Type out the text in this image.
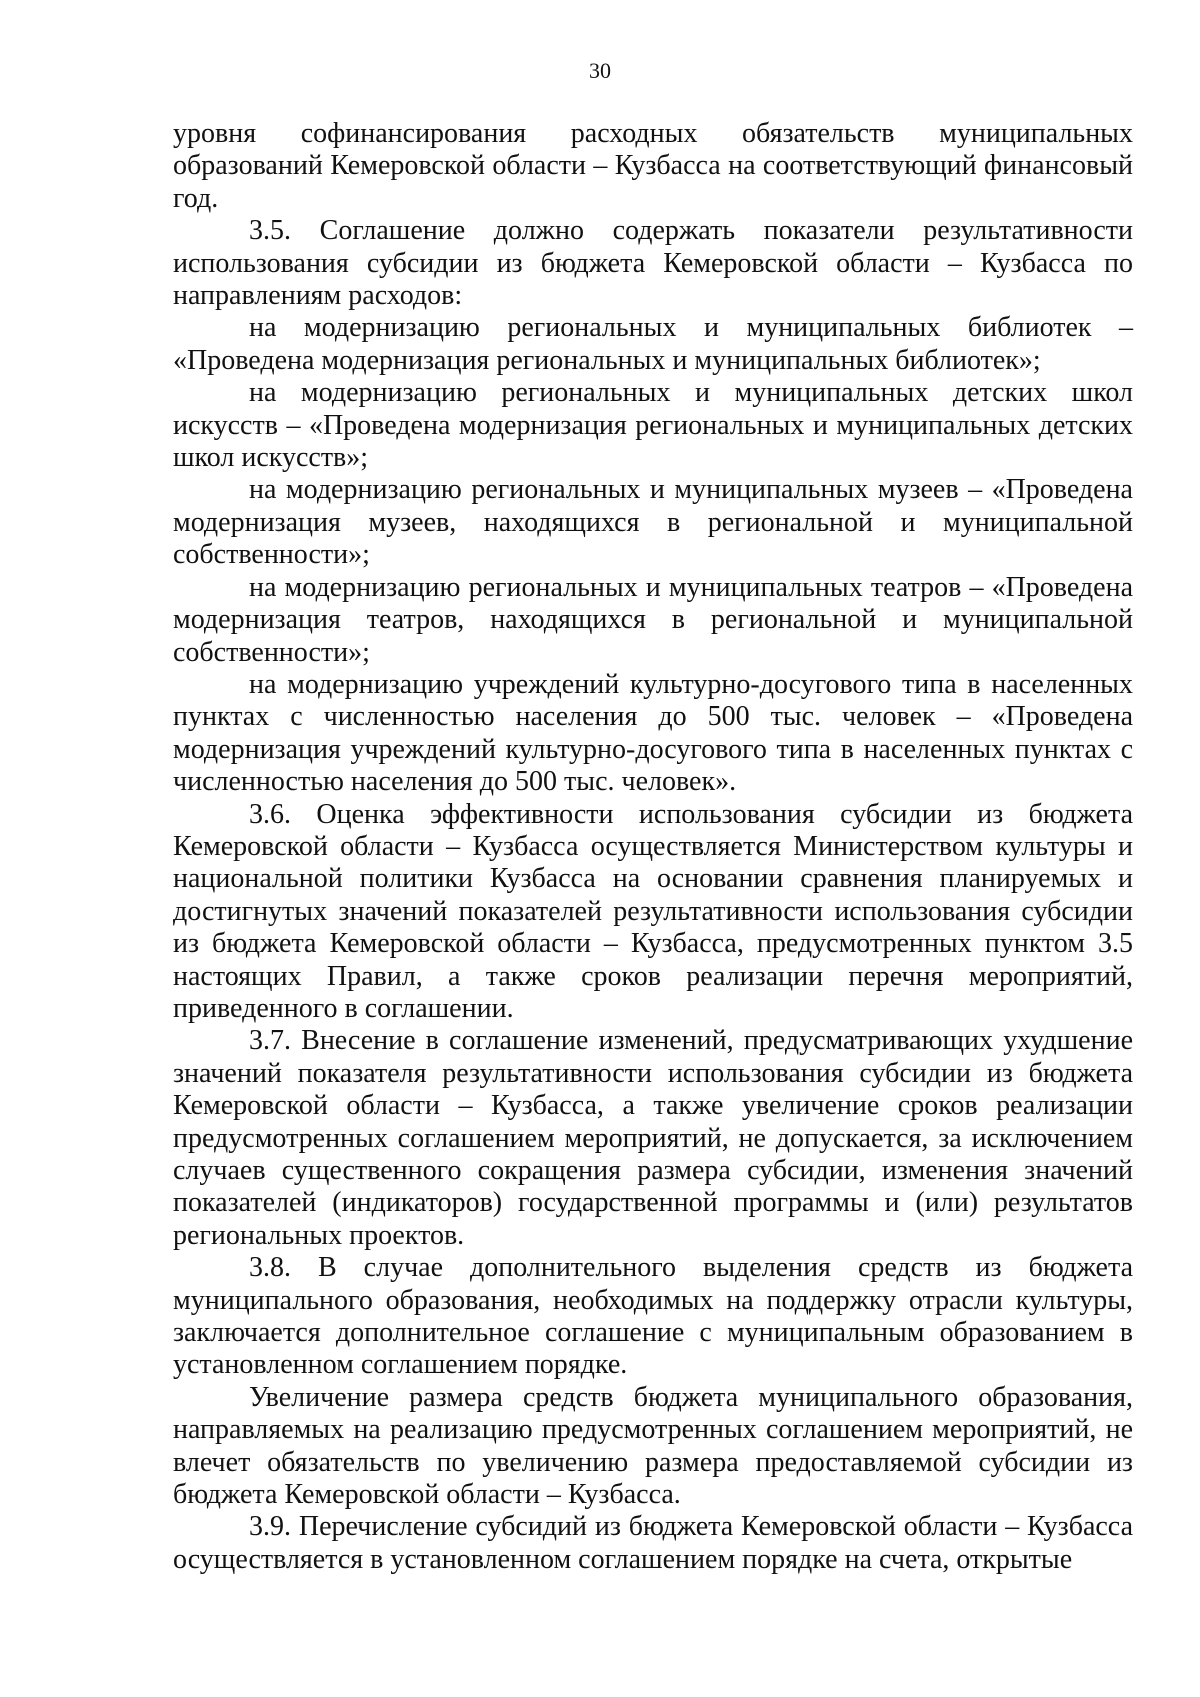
30

уровня софинансирования расходных обязательств муниципальных образований Кемеровской области – Кузбасса на соответствующий финансовый год.

3.5. Соглашение должно содержать показатели результативности использования субсидии из бюджета Кемеровской области – Кузбасса по направлениям расходов:

на модернизацию региональных и муниципальных библиотек – «Проведена модернизация региональных и муниципальных библиотек»;

на модернизацию региональных и муниципальных детских школ искусств – «Проведена модернизация региональных и муниципальных детских школ искусств»;

на модернизацию региональных и муниципальных музеев – «Проведена модернизация музеев, находящихся в региональной и муниципальной собственности»;

на модернизацию региональных и муниципальных театров – «Проведена модернизация театров, находящихся в региональной и муниципальной собственности»;

на модернизацию учреждений культурно-досугового типа в населенных пунктах с численностью населения до 500 тыс. человек – «Проведена модернизация учреждений культурно-досугового типа в населенных пунктах с численностью населения до 500 тыс. человек».

3.6. Оценка эффективности использования субсидии из бюджета Кемеровской области – Кузбасса осуществляется Министерством культуры и национальной политики Кузбасса на основании сравнения планируемых и достигнутых значений показателей результативности использования субсидии из бюджета Кемеровской области – Кузбасса, предусмотренных пунктом 3.5 настоящих Правил, а также сроков реализации перечня мероприятий, приведенного в соглашении.

3.7. Внесение в соглашение изменений, предусматривающих ухудшение значений показателя результативности использования субсидии из бюджета Кемеровской области – Кузбасса, а также увеличение сроков реализации предусмотренных соглашением мероприятий, не допускается, за исключением случаев существенного сокращения размера субсидии, изменения значений показателей (индикаторов) государственной программы и (или) результатов региональных проектов.

3.8. В случае дополнительного выделения средств из бюджета муниципального образования, необходимых на поддержку отрасли культуры, заключается дополнительное соглашение с муниципальным образованием в установленном соглашением порядке.

Увеличение размера средств бюджета муниципального образования, направляемых на реализацию предусмотренных соглашением мероприятий, не влечет обязательств по увеличению размера предоставляемой субсидии из бюджета Кемеровской области – Кузбасса.

3.9. Перечисление субсидий из бюджета Кемеровской области – Кузбасса осуществляется в установленном соглашением порядке на счета, открытые
